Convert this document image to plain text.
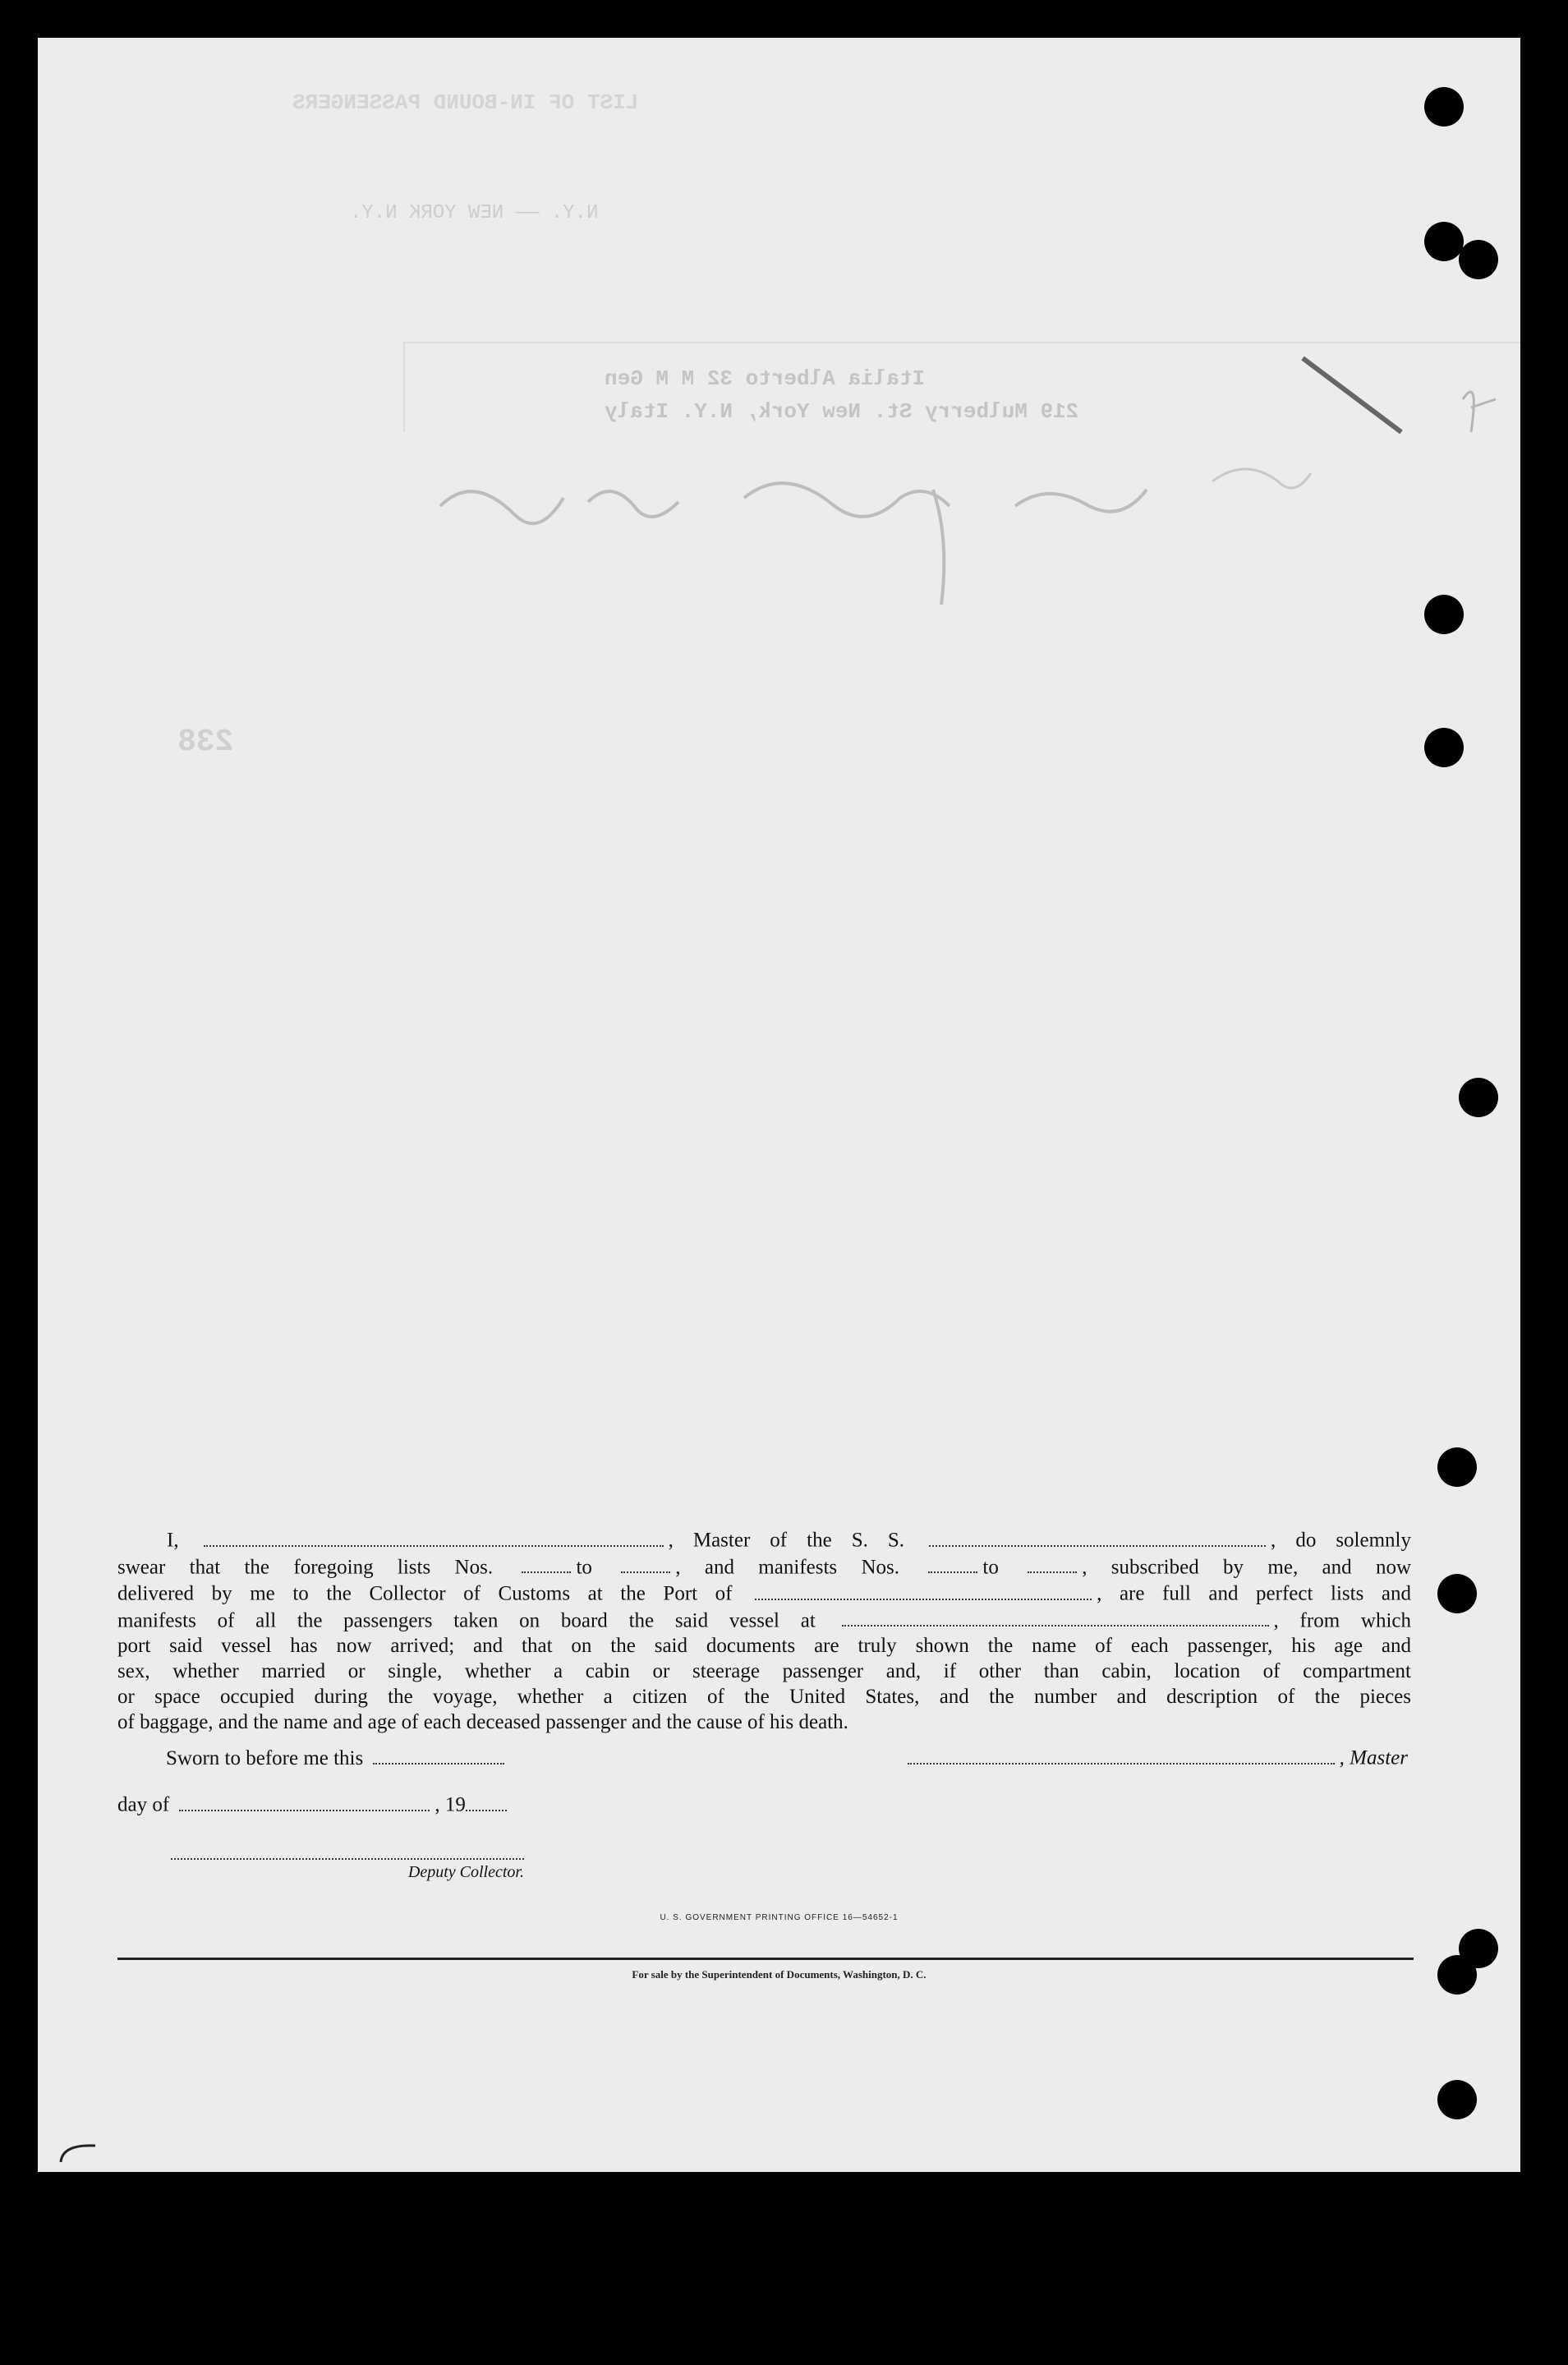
LIST OF IN-BOUND PASSENGERS
N.Y. —— NEW YORK N.Y.
Italia Alberto 32 M M Gen
219 Mulberry St. New York, N.Y. Italy
238

I,	, Master of the S. S.	, do solemnly

swear that the foregoing lists Nos.	to	, and manifests Nos.	to	, subscribed by me, and now

delivered by me to the Collector of Customs at the Port of	, are full and perfect lists and

manifests of all the passengers taken on board the said vessel at	, from which

port said vessel has now arrived; and that on the said documents are truly shown the name of each passenger, his age and

sex, whether married or single, whether a cabin or steerage passenger and, if other than cabin, location of compartment

or space occupied during the voyage, whether a citizen of the United States, and the number and description of the pieces

of baggage, and the name and age of each deceased passenger and the cause of his death.

Sworn to before me this	, Master
day of	, 19
Deputy Collector.
U. S. GOVERNMENT PRINTING OFFICE 16—54652-1
For sale by the Superintendent of Documents, Washington, D. C.
